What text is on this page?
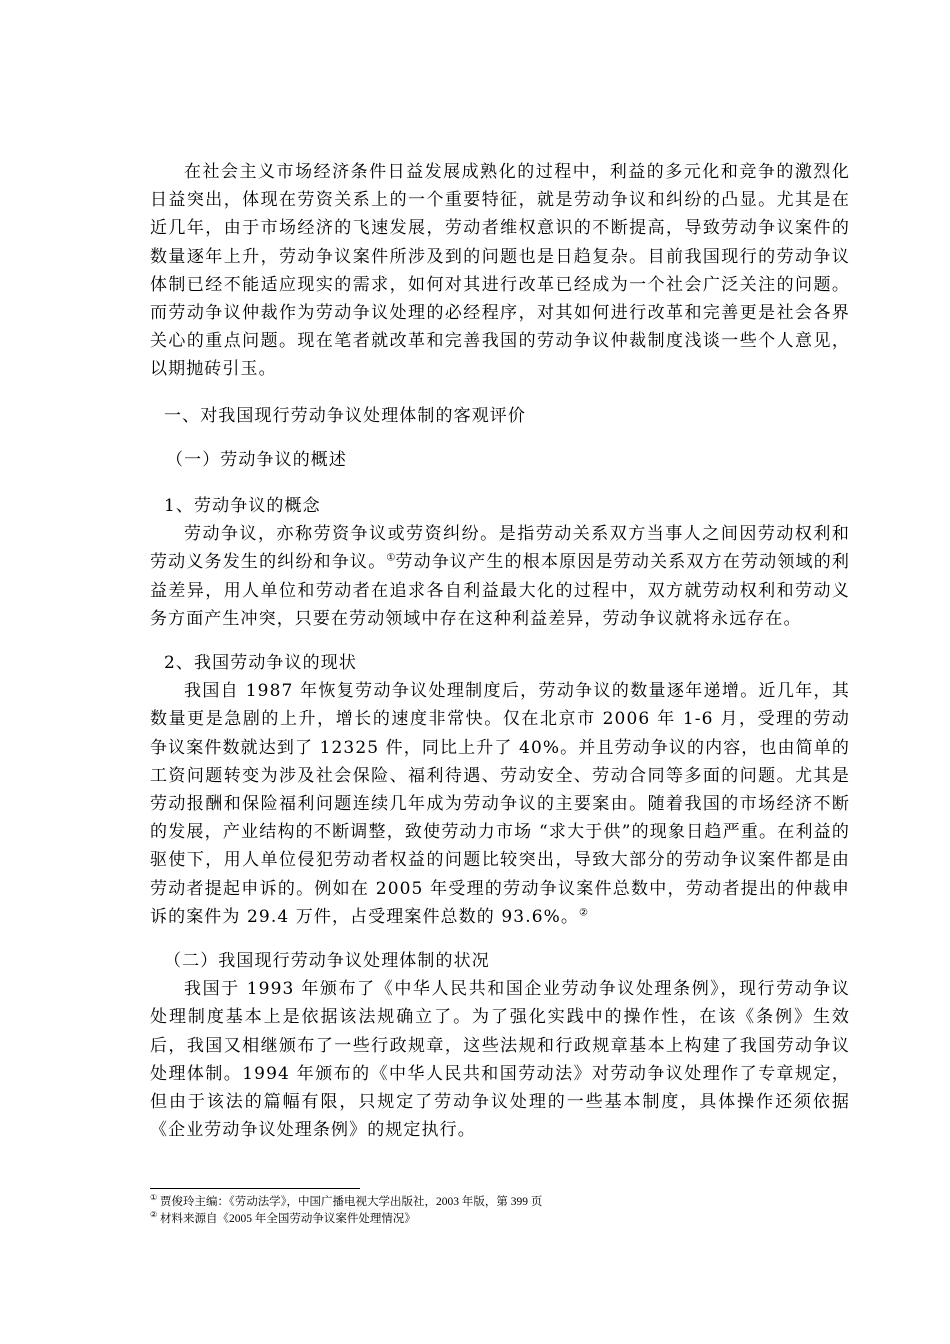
在社会主义市场经济条件日益发展成熟化的过程中，利益的多元化和竞争的激烈化日益突出，体现在劳资关系上的一个重要特征，就是劳动争议和纠纷的凸显。尤其是在近几年，由于市场经济的飞速发展，劳动者维权意识的不断提高，导致劳动争议案件的数量逐年上升，劳动争议案件所涉及到的问题也是日趋复杂。目前我国现行的劳动争议体制已经不能适应现实的需求，如何对其进行改革已经成为一个社会广泛关注的问题。而劳动争议仲裁作为劳动争议处理的必经程序，对其如何进行改革和完善更是社会各界关心的重点问题。现在笔者就改革和完善我国的劳动争议仲裁制度浅谈一些个人意见，以期抛砖引玉。

一、对我国现行劳动争议处理体制的客观评价

（一）劳动争议的概述

1、劳动争议的概念

劳动争议，亦称劳资争议或劳资纠纷。是指劳动关系双方当事人之间因劳动权利和劳动义务发生的纠纷和争议。①劳动争议产生的根本原因是劳动关系双方在劳动领域的利益差异，用人单位和劳动者在追求各自利益最大化的过程中，双方就劳动权利和劳动义务方面产生冲突，只要在劳动领域中存在这种利益差异，劳动争议就将永远存在。

2、我国劳动争议的现状

我国自 1987 年恢复劳动争议处理制度后，劳动争议的数量逐年递增。近几年，其数量更是急剧的上升，增长的速度非常快。仅在北京市 2006 年 1-6 月，受理的劳动争议案件数就达到了 12325 件，同比上升了 40%。并且劳动争议的内容，也由简单的工资问题转变为涉及社会保险、福利待遇、劳动安全、劳动合同等多面的问题。尤其是劳动报酬和保险福利问题连续几年成为劳动争议的主要案由。随着我国的市场经济不断的发展，产业结构的不断调整，致使劳动力市场 “求大于供”的现象日趋严重。在利益的驱使下，用人单位侵犯劳动者权益的问题比较突出，导致大部分的劳动争议案件都是由劳动者提起申诉的。例如在 2005 年受理的劳动争议案件总数中，劳动者提出的仲裁申诉的案件为 29.4 万件，占受理案件总数的 93.6%。②

（二）我国现行劳动争议处理体制的状况

我国于 1993 年颁布了《中华人民共和国企业劳动争议处理条例》，现行劳动争议处理制度基本上是依据该法规确立了。为了强化实践中的操作性，在该《条例》生效后，我国又相继颁布了一些行政规章，这些法规和行政规章基本上构建了我国劳动争议处理体制。1994 年颁布的《中华人民共和国劳动法》对劳动争议处理作了专章规定，但由于该法的篇幅有限，只规定了劳动争议处理的一些基本制度，具体操作还须依据《企业劳动争议处理条例》的规定执行。

① 贾俊玲主编：《劳动法学》，中国广播电视大学出版社，2003 年版，第 399 页
② 材料来源自《2005 年全国劳动争议案件处理情况》
